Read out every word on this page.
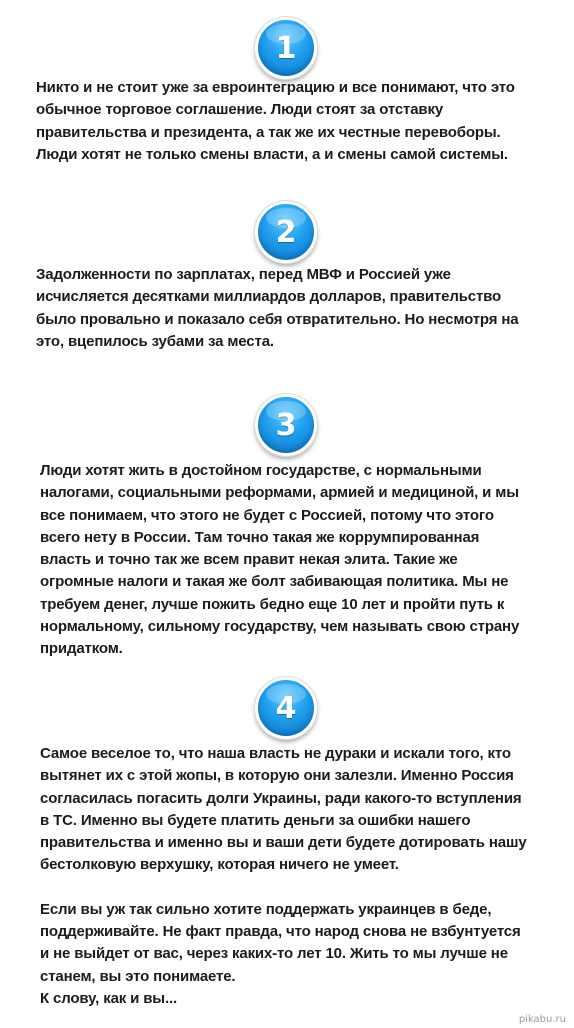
1
Никто и не стоит уже за евроинтеграцию и все понимают, что это
обычное торговое соглашение. Люди стоят за отставку
правительства и президента, а так же их честные перевоборы.
Люди хотят не только смены власти, а и смены самой системы.
2
Задолженности по зарплатах, перед МВФ и Россией уже
исчисляется десятками миллиардов долларов, правительство
было провально и показало себя отвратительно. Но несмотря на
это, вцепилось зубами за места.
3
Люди хотят жить в достойном государстве, с нормальными
налогами, социальными реформами, армией и медициной, и мы
все понимаем, что этого не будет с Россией, потому что этого
всего нету в России. Там точно такая же коррумпированная
власть и точно так же всем правит некая элита. Такие же
огромные налоги и такая же болт забивающая политика. Мы не
требуем денег, лучше пожить бедно еще 10 лет и пройти путь к
нормальному, сильному государству, чем называть свою страну
придатком.
4
Самое веселое то, что наша власть не дураки и искали того, кто
вытянет их с этой жопы, в которую они залезли. Именно Россия
согласилась погасить долги Украины, ради какого-то вступления
в ТС. Именно вы будете платить деньги за ошибки нашего
правительства и именно вы и ваши дети будете дотировать нашу
бестолковую верхушку, которая ничего не умеет.
Если вы уж так сильно хотите поддержать украинцев в беде,
поддерживайте. Не факт правда, что народ снова не взбунтуется
и не выйдет от вас, через каких-то лет 10. Жить то мы лучше не
станем, вы это понимаете.
К слову, как и вы...
pikabu.ru
